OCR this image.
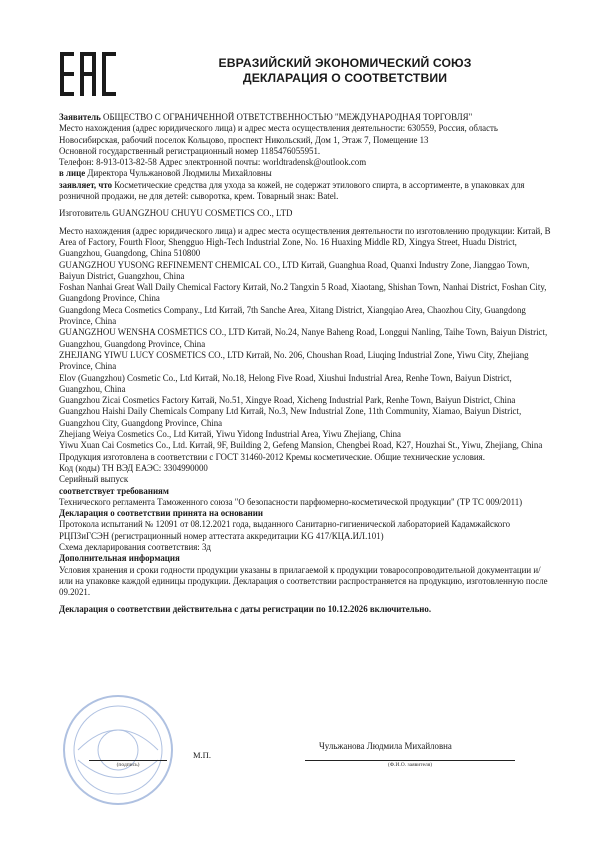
ЕВРАЗИЙСКИЙ ЭКОНОМИЧЕСКИЙ СОЮЗ
ДЕКЛАРАЦИЯ О СООТВЕТСТВИИ

Заявитель ОБЩЕСТВО С ОГРАНИЧЕННОЙ ОТВЕТСТВЕННОСТЬЮ "МЕЖДУНАРОДНАЯ ТОРГОВЛЯ"

Место нахождения (адрес юридического лица) и адрес места осуществления деятельности: 630559, Россия, область Новосибирская, рабочий поселок Кольцово, проспект Никольский, Дом 1, Этаж 7, Помещение 13

Основной государственный регистрационный номер 1185476055951.

Телефон: 8-913-013-82-58 Адрес электронной почты: worldtradensk@outlook.com

в лице Директора Чульжановой Людмилы Михайловны

заявляет, что Косметические средства для ухода за кожей, не содержат этилового спирта, в ассортименте, в упаковках для розничной продажи, не для детей: сыворотка, крем. Товарный знак: Batel.

Изготовитель GUANGZHOU CHUYU COSMETICS CO., LTD

Место нахождения (адрес юридического лица) и адрес места осуществления деятельности по изготовлению продукции: Китай, B Area of Factory, Fourth Floor, Shengguo High-Tech Industrial Zone, No. 16 Huaxing Middle RD, Xingya Street, Huadu District, Guangzhou, Guangdong, China 510800

GUANGZHOU YUSONG REFINEMENT CHEMICAL CO., LTD Китай, Guanghua Road, Quanxi Industry Zone, Jianggao Town, Baiyun District, Guangzhou, China

Foshan Nanhai Great Wall Daily Chemical Factory Китай, No.2 Tangxin 5 Road, Xiaotang, Shishan Town, Nanhai District, Foshan City, Guangdong Province, China

Guangdong Meca Cosmetics Company., Ltd Китай, 7th Sanche Area, Xitang District, Xiangqiao Area, Chaozhou City, Guangdong Province, China

GUANGZHOU WENSHA COSMETICS CO., LTD Китай, No.24, Nanye Baheng Road, Longgui Nanling, Taihe Town, Baiyun District, Guangzhou, Guangdong Province, China

ZHEJIANG YIWU LUCY COSMETICS CO., LTD Китай, No. 206, Choushan Road, Liuqing Industrial Zone, Yiwu City, Zhejiang Province, China

Elov (Guangzhou) Cosmetic Co., Ltd Китай, No.18, Helong Five Road, Xiushui Industrial Area, Renhe Town, Baiyun District, Guangzhou, China

Guangzhou Zicai Cosmetics Factory Китай, No.51, Xingye Road, Xicheng Industrial Park, Renhe Town, Baiyun District, China

Guangzhou Haishi Daily Chemicals Company Ltd Китай, No.3, New Industrial Zone, 11th Community, Xiamao, Baiyun District, Guangzhou City, Guangdong Province, China

Zhejiang Weiya Cosmetics Co., Ltd Китай, Yiwu Yidong Industrial Area, Yiwu Zhejiang, China

Yiwu Xuan Cai Cosmetics Co., Ltd. Китай, 9F, Building 2, Gefeng Mansion, Chengbei Road, K27, Houzhai St., Yiwu, Zhejiang, China Продукция изготовлена в соответствии с ГОСТ 31460-2012 Кремы косметические. Общие технические условия.

Код (коды) ТН ВЭД ЕАЭС: 3304990000

Серийный выпуск

соответствует требованиям

Технического регламента Таможенного союза "О безопасности парфюмерно-косметической продукции" (ТР ТС 009/2011)

Декларация о соответствии принята на основании

Протокола испытаний № 12091 от 08.12.2021 года, выданного Санитарно-гигиенической лабораторией Кадамжайского РЦПЗиГСЭН (регистрационный номер аттестата аккредитации KG 417/КЦА.ИЛ.101)

Схема декларирования соответствия: 3д

Дополнительная информация

Условия хранения и сроки годности продукции указаны в прилагаемой к продукции товаросопроводительной документации и/или на упаковке каждой единицы продукции. Декларация о соответствии распространяется на продукцию, изготовленную после 09.2021.

Декларация о соответствии действительна с даты регистрации по 10.12.2026 включительно.

(подпись)
М.П.
Чульжанова Людмила Михайловна
(Ф.И.О. заявителя)
